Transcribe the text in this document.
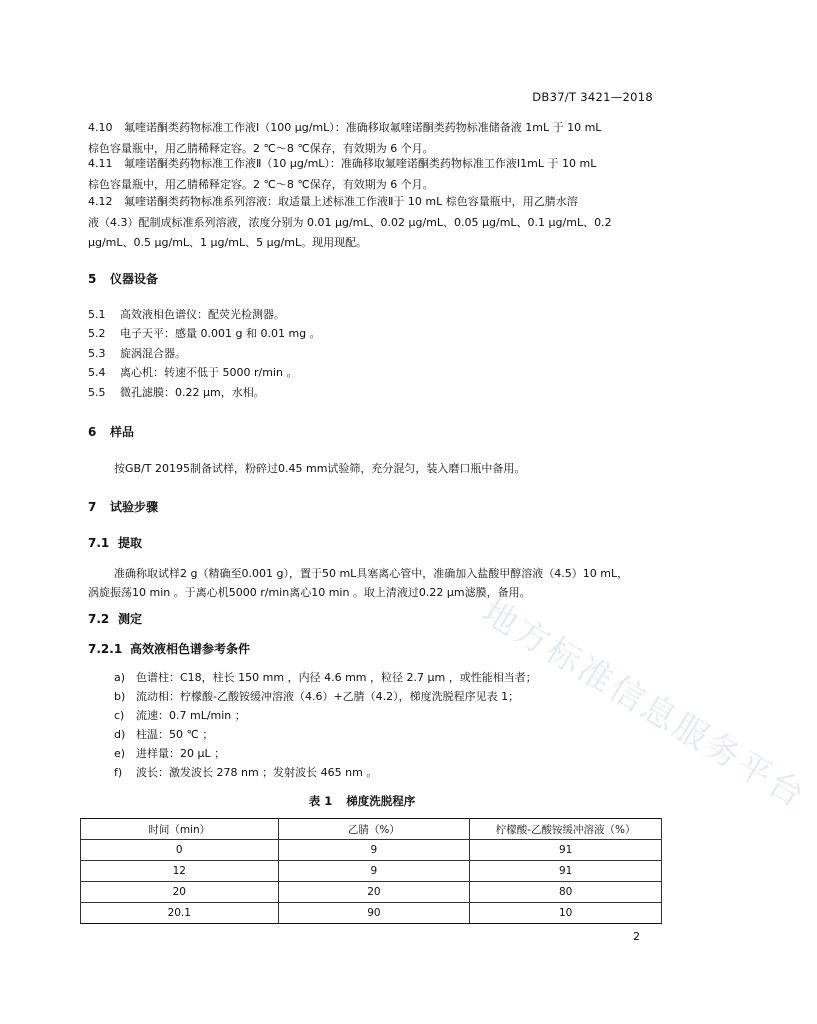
地方标准信息服务平台
DB37/T 3421—2018
4.10 氟喹诺酮类药物标准工作液Ⅰ（100 μg/mL）：准确移取氟喹诺酮类药物标准储备液 1mL 于 10 mL
棕色容量瓶中，用乙腈稀释定容。2 ℃～8 ℃保存，有效期为 6 个月。
4.11 氟喹诺酮类药物标准工作液Ⅱ（10 μg/mL）：准确移取氟喹诺酮类药物标准工作液Ⅰ1mL 于 10 mL
棕色容量瓶中，用乙腈稀释定容。2 ℃～8 ℃保存，有效期为 6 个月。
4.12 氟喹诺酮类药物标准系列溶液：取适量上述标准工作液Ⅱ于 10 mL 棕色容量瓶中，用乙腈水溶
液（4.3）配制成标准系列溶液，浓度分别为 0.01 μg/mL、0.02 μg/mL、0.05 μg/mL、0.1 μg/mL、0.2
μg/mL、0.5 μg/mL、1 μg/mL、5 μg/mL。现用现配。
5 仪器设备
5.1 高效液相色谱仪：配荧光检测器。
5.2 电子天平：感量 0.001 g 和 0.01 mg 。
5.3 旋涡混合器。
5.4 离心机：转速不低于 5000 r/min 。
5.5 微孔滤膜：0.22 μm，水相。
6 样品
按GB/T 20195制备试样，粉碎过0.45 mm试验筛，充分混匀，装入磨口瓶中备用。
7 试验步骤
7.1 提取
准确称取试样2 g（精确至0.001 g），置于50 mL具塞离心管中，准确加入盐酸甲醇溶液（4.5）10 mL，
涡旋振荡10 min 。于离心机5000 r/min离心10 min 。取上清液过0.22 μm滤膜，备用。
7.2 测定
7.2.1 高效液相色谱参考条件
a) 色谱柱：C18，柱长 150 mm ，内径 4.6 mm ，粒径 2.7 μm ，或性能相当者；
b) 流动相：柠檬酸-乙酸铵缓冲溶液（4.6）+乙腈（4.2），梯度洗脱程序见表 1；
c) 流速：0.7 mL/min ；
d) 柱温：50 ℃ ；
e) 进样量：20 μL ；
f) 波长：激发波长 278 nm ；发射波长 465 nm 。
表 1 梯度洗脱程序
时间（min）	乙腈（%）	柠檬酸-乙酸铵缓冲溶液（%）
0	9	91
12	9	91
20	20	80
20.1	90	10
2
